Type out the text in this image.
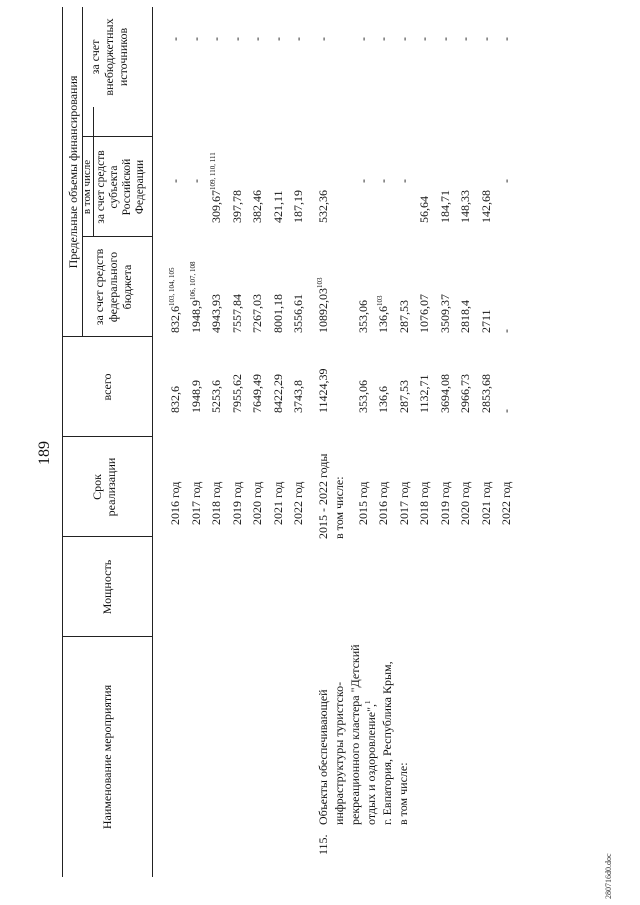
189
280716d0.doc
Наименование мероприятия
Мощность
Срок реализации
всего
Предельные объемы финансирования в том числе
за счет средств федерального бюджета
за счет средств субъекта Российской Федерации
за счет внебюджетных источников
2016 год
832,6
832,6$^{103, 104, 105}$
-
-
2017 год
1948,9
1948,9$^{106, 107, 108}$
-
-
2018 год
5253,6
4943,93
309,67$^{109, 110, 111}$
-
2019 год
7955,62
7557,84
397,78
-
2020 год
7649,49
7267,03
382,46
-
2021 год
8422,29
8001,18
421,11
-
2022 год
3743,8
3556,61
187,19
-
115.
Объекты обеспечивающей инфраструктуры туристско- рекреационного кластера "Детский отдых и оздоровление",$^1$ г. Евпатория, Республика Крым, в том числе:
2015 - 2022 годы
11424,39
10892,03$^{103}$
532,36
-
в том числе: 2015 год
353,06
353,06
-
-
2016 год
136,6
136,6$^{103}$
-
-
2017 год
287,53
287,53
-
-
2018 год
1132,71
1076,07
56,64
-
2019 год
3694,08
3509,37
184,71
-
2020 год
2966,73
2818,4
148,33
-
2021 год
2853,68
2711
142,68
-
2022 год
-
-
-
-
